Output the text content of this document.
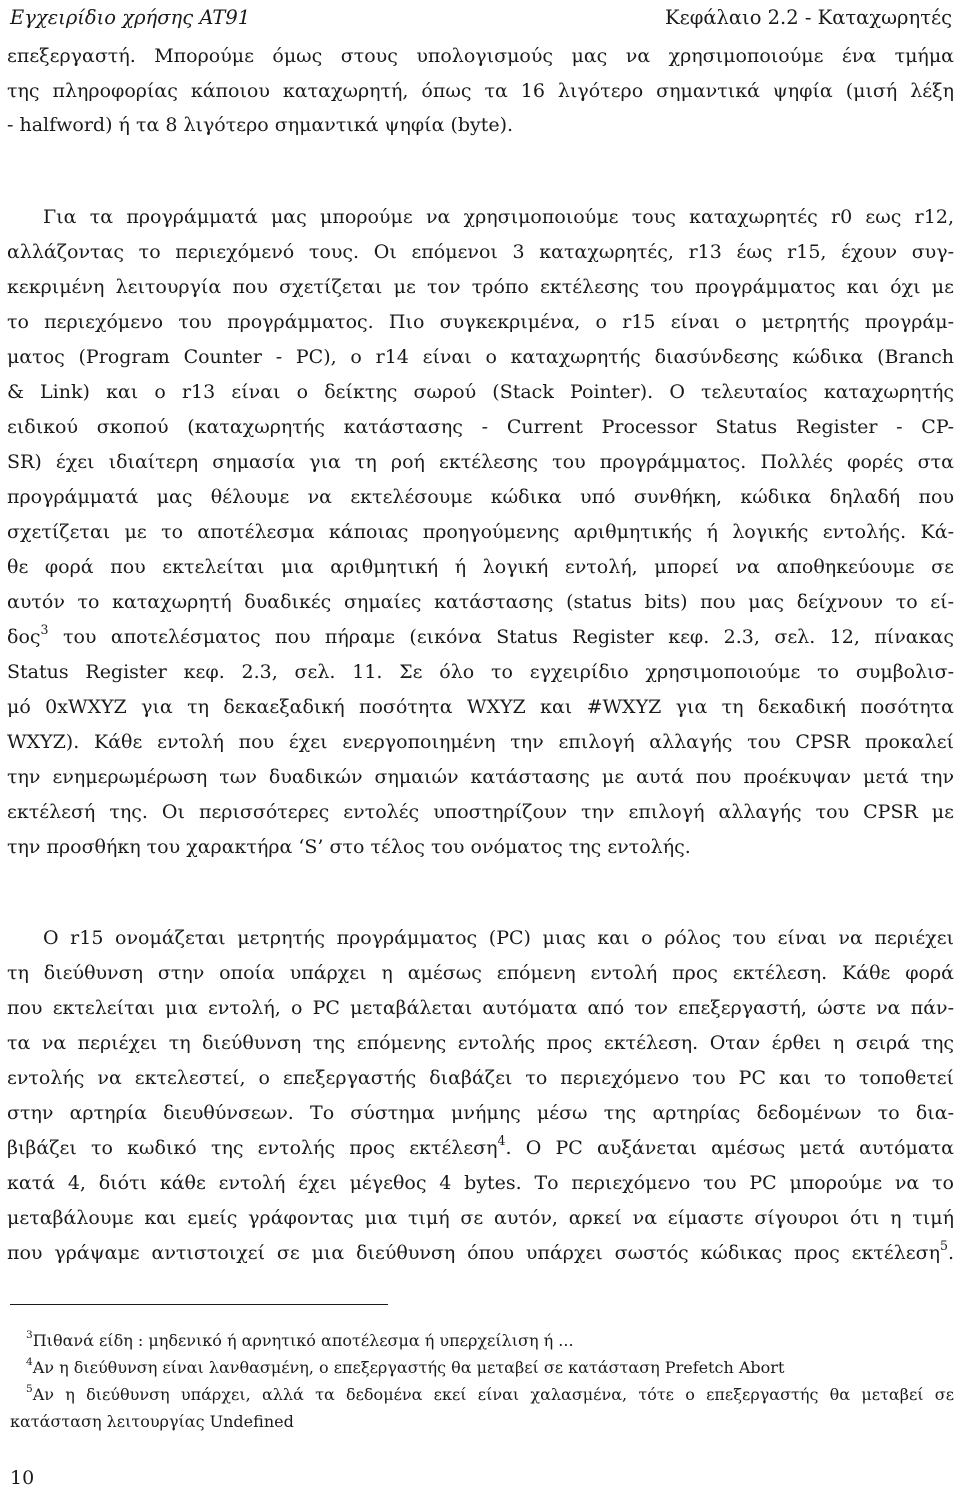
Εγχειρίδιο χρήσης AT91	Κεφάλαιο 2.2 - Καταχωρητές
επεξεργαστή. Μπορούμε όμως στους υπολογισμούς μας να χρησιμοποιούμε ένα τμήμα
της πληροφορίας κάποιου καταχωρητή, όπως τα 16 λιγότερο σημαντικά ψηφία (μισή λέξη
- halfword) ή τα 8 λιγότερο σημαντικά ψηφία (byte).
Για τα προγράμματά μας μπορούμε να χρησιμοποιούμε τους καταχωρητές r0 εως r12,
αλλάζοντας το περιεχόμενό τους. Οι επόμενοι 3 καταχωρητές, r13 έως r15, έχουν συγ-
κεκριμένη λειτουργία που σχετίζεται με τον τρόπο εκτέλεσης του προγράμματος και όχι με
το περιεχόμενο του προγράμματος. Πιο συγκεκριμένα, ο r15 είναι ο μετρητής προγράμ-
ματος (Program Counter - PC), ο r14 είναι ο καταχωρητής διασύνδεσης κώδικα (Branch
& Link) και ο r13 είναι ο δείκτης σωρού (Stack Pointer). Ο τελευταίος καταχωρητής
ειδικού σκοπού (καταχωρητής κατάστασης - Current Processor Status Register - CP-
SR) έχει ιδιαίτερη σημασία για τη ροή εκτέλεσης του προγράμματος. Πολλές φορές στα
προγράμματά μας θέλουμε να εκτελέσουμε κώδικα υπό συνθήκη, κώδικα δηλαδή που
σχετίζεται με το αποτέλεσμα κάποιας προηγούμενης αριθμητικής ή λογικής εντολής. Κά-
θε φορά που εκτελείται μια αριθμητική ή λογική εντολή, μπορεί να αποθηκεύουμε σε
αυτόν το καταχωρητή δυαδικές σημαίες κατάστασης (status bits) που μας δείχνουν το εί-
δος$^3$ του αποτελέσματος που πήραμε (εικόνα Status Register κεφ. 2.3, σελ. 12, πίνακας
Status Register κεφ. 2.3, σελ. 11. Σε όλο το εγχειρίδιο χρησιμοποιούμε το συμβολισ-
μό 0xWXYZ για τη δεκαεξαδική ποσότητα WXYZ και #WXYZ για τη δεκαδική ποσότητα
WXYZ). Κάθε εντολή που έχει ενεργοποιημένη την επιλογή αλλαγής του CPSR προκαλεί
την ενημερωμέρωση των δυαδικών σημαιών κατάστασης με αυτά που προέκυψαν μετά την
εκτέλεσή της. Οι περισσότερες εντολές υποστηρίζουν την επιλογή αλλαγής του CPSR με
την προσθήκη του χαρακτήρα ‘S’ στο τέλος του ονόματος της εντολής.
Ο r15 ονομάζεται μετρητής προγράμματος (PC) μιας και ο ρόλος του είναι να περιέχει
τη διεύθυνση στην οποία υπάρχει η αμέσως επόμενη εντολή προς εκτέλεση. Κάθε φορά
που εκτελείται μια εντολή, ο PC μεταβάλεται αυτόματα από τον επεξεργαστή, ώστε να πάν-
τα να περιέχει τη διεύθυνση της επόμενης εντολής προς εκτέλεση. Οταν έρθει η σειρά της
εντολής να εκτελεστεί, ο επεξεργαστής διαβάζει το περιεχόμενο του PC και το τοποθετεί
στην αρτηρία διευθύνσεων. Το σύστημα μνήμης μέσω της αρτηρίας δεδομένων το δια-
βιβάζει το κωδικό της εντολής προς εκτέλεση$^4$. Ο PC αυξάνεται αμέσως μετά αυτόματα
κατά 4, διότι κάθε εντολή έχει μέγεθος 4 bytes. Το περιεχόμενο του PC μπορούμε να το
μεταβάλουμε και εμείς γράφοντας μια τιμή σε αυτόν, αρκεί να είμαστε σίγουροι ότι η τιμή
που γράψαμε αντιστοιχεί σε μια διεύθυνση όπου υπάρχει σωστός κώδικας προς εκτέλεση$^5$.
$^3$Πιθανά είδη : μηδενικό ή αρνητικό αποτέλεσμα ή υπερχείλιση ή ...
$^4$Αν η διεύθυνση είναι λανθασμένη, ο επεξεργαστής θα μεταβεί σε κατάσταση Prefetch Abort
$^5$Αν η διεύθυνση υπάρχει, αλλά τα δεδομένα εκεί είναι χαλασμένα, τότε ο επεξεργαστής θα μεταβεί σε
κατάσταση λειτουργίας Undefined
10
